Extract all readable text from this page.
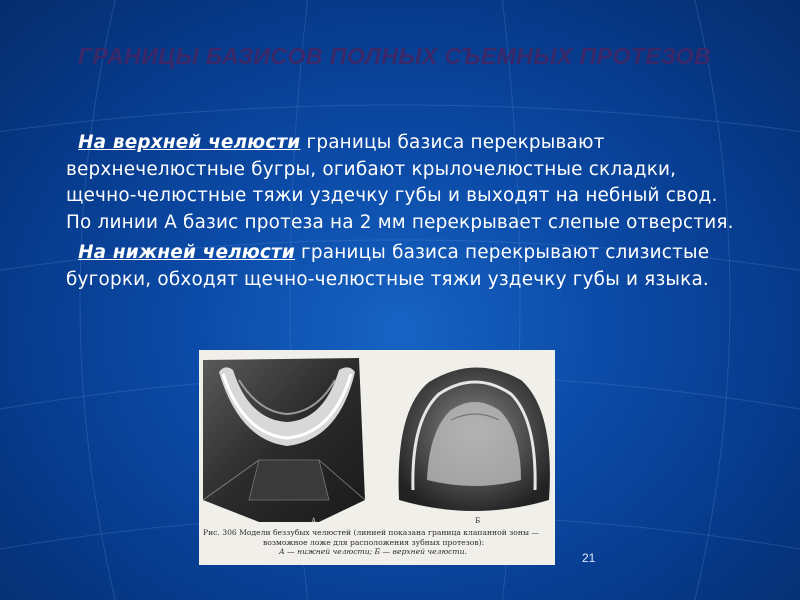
ГРАНИЦЫ БАЗИСОВ ПОЛНЫХ СЪЕМНЫХ ПРОТЕЗОВ

На верхней челюсти границы базиса перекрывают верхнечелюстные бугры, огибают крылочелюстные складки, щечно-челюстные тяжи уздечку губы и выходят на небный свод. По линии А базис протеза на 2 мм перекрывает слепые отверстия.

На нижней челюсти границы базиса перекрывают слизистые бугорки, обходят щечно-челюстные тяжи уздечку губы и языка.

А	Б
Рис. 306 Модели беззубых челюстей (линией показана граница клапанной зоны —
возможное ложе для расположения зубных протезов):
А — нижней челюсти; Б — верхней челюсти.	21
